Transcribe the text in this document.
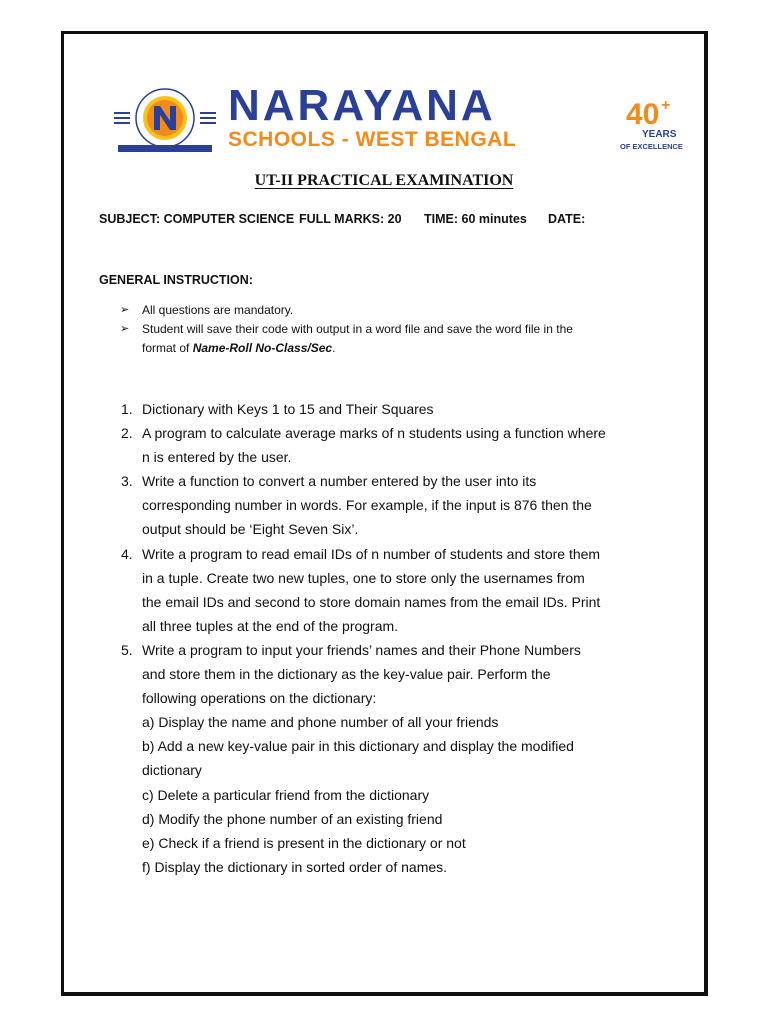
NARAYANA
SCHOOLS - WEST BENGAL
40 +
YEARS
OF EXCELLENCE
UT-II PRACTICAL EXAMINATION
SUBJECT: COMPUTER SCIENCE FULL MARKS: 20 TIME: 60 minutes DATE:
GENERAL INSTRUCTION:
➢ All questions are mandatory.
➢ Student will save their code with output in a word file and save the word file in the
format of Name-Roll No-Class/Sec.
1. Dictionary with Keys 1 to 15 and Their Squares
2. A program to calculate average marks of n students using a function where
n is entered by the user.
3. Write a function to convert a number entered by the user into its
corresponding number in words. For example, if the input is 876 then the
output should be ‘Eight Seven Six’.
4. Write a program to read email IDs of n number of students and store them
in a tuple. Create two new tuples, one to store only the usernames from
the email IDs and second to store domain names from the email IDs. Print
all three tuples at the end of the program.
5. Write a program to input your friends’ names and their Phone Numbers
and store them in the dictionary as the key-value pair. Perform the
following operations on the dictionary:
a) Display the name and phone number of all your friends
b) Add a new key-value pair in this dictionary and display the modified
dictionary
c) Delete a particular friend from the dictionary
d) Modify the phone number of an existing friend
e) Check if a friend is present in the dictionary or not
f) Display the dictionary in sorted order of names.
